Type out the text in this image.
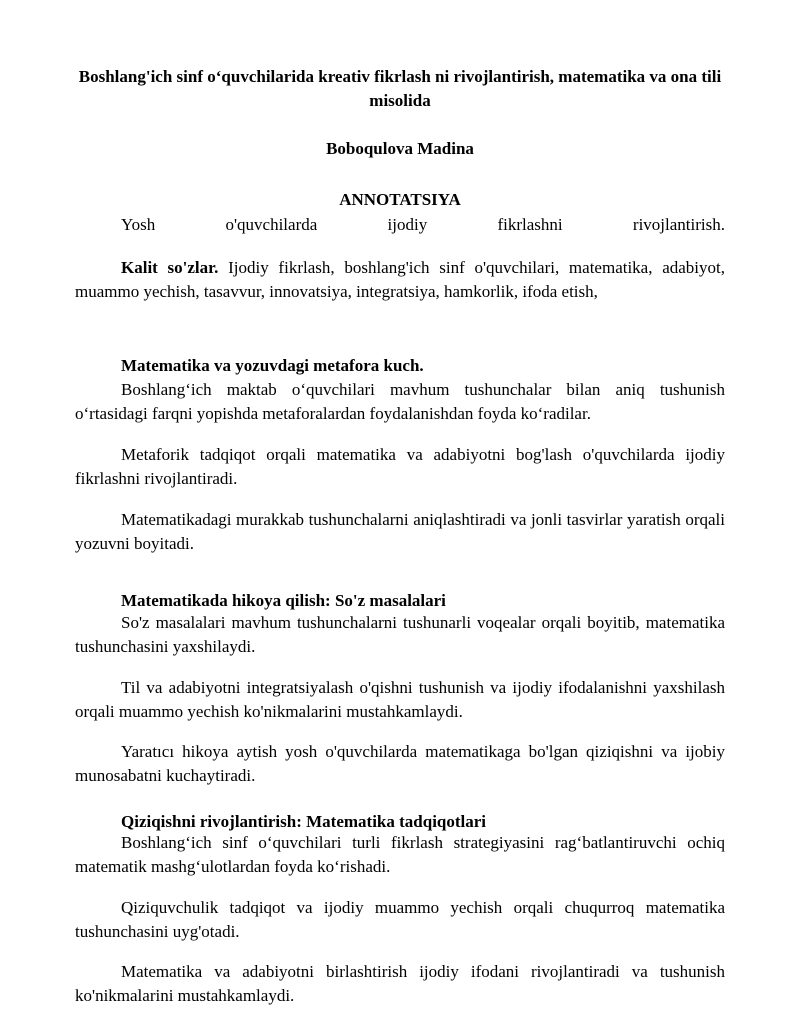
Boshlang'ich sinf o‘quvchilarida kreativ fikrlash ni rivojlantirish, matematika va ona tili misolida

Boboqulova Madina

ANNOTATSIYA

Yosh	o'quvchilarda	ijodiy	fikrlashni	rivojlantirish.

Kalit so'zlar. Ijodiy fikrlash, boshlang'ich sinf o'quvchilari, matematika, adabiyot, muammo yechish, tasavvur, innovatsiya, integratsiya, hamkorlik, ifoda etish,

Matematika va yozuvdagi metafora kuch.

Boshlang‘ich maktab o‘quvchilari mavhum tushunchalar bilan aniq tushunish o‘rtasidagi farqni yopishda metaforalardan foydalanishdan foyda ko‘radilar.

Metaforik tadqiqot orqali matematika va adabiyotni bog'lash o'quvchilarda ijodiy fikrlashni rivojlantiradi.

Matematikadagi murakkab tushunchalarni aniqlashtiradi va jonli tasvirlar yaratish orqali yozuvni boyitadi.

Matematikada hikoya qilish: So'z masalalari

So'z masalalari mavhum tushunchalarni tushunarli voqealar orqali boyitib, matematika tushunchasini yaxshilaydi.

Til va adabiyotni integratsiyalash o'qishni tushunish va ijodiy ifodalanishni yaxshilash orqali muammo yechish ko'nikmalarini mustahkamlaydi.

Yaratıcı hikoya aytish yosh o'quvchilarda matematikaga bo'lgan qiziqishni va ijobiy munosabatni kuchaytiradi.

Qiziqishni rivojlantirish: Matematika tadqiqotlari

Boshlang‘ich sinf o‘quvchilari turli fikrlash strategiyasini rag‘batlantiruvchi ochiq matematik mashg‘ulotlardan foyda ko‘rishadi.

Qiziquvchulik tadqiqot va ijodiy muammo yechish orqali chuqurroq matematika tushunchasini uyg'otadi.

Matematika va adabiyotni birlashtirish ijodiy ifodani rivojlantiradi va tushunish ko'nikmalarini mustahkamlaydi.
